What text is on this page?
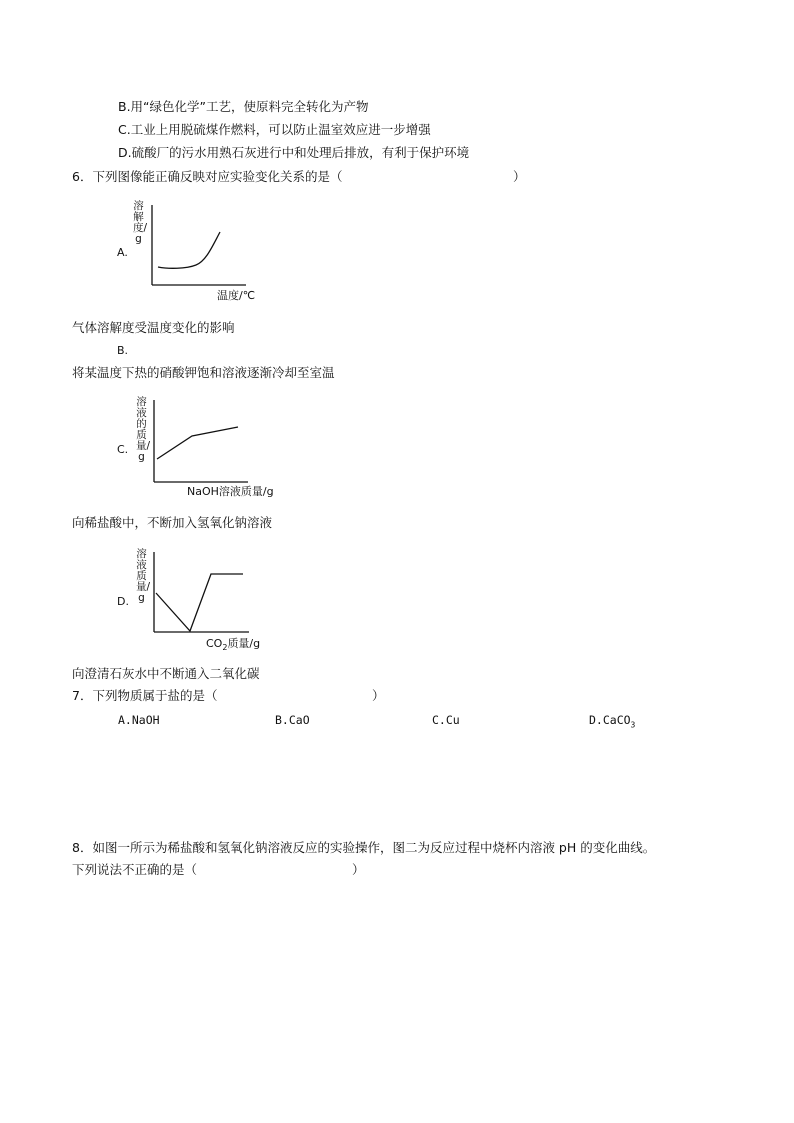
B.用“绿色化学”工艺，使原料完全转化为产物
C.工业上用脱硫煤作燃料，可以防止温室效应进一步增强
D.硫酸厂的污水用熟石灰进行中和处理后排放，有利于保护环境
6．下列图像能正确反映对应实验变化关系的是（	）
A.
溶解度/g
温度/℃
气体溶解度受温度变化的影响
B.
将某温度下热的硝酸钾饱和溶液逐渐冷却至室温
C.
溶液的质量/g
NaOH溶液质量/g
向稀盐酸中，不断加入氢氧化钠溶液
D.
溶液质量/g
$CO_2$质量/g
向澄清石灰水中不断通入二氧化碳
7．下列物质属于盐的是（	）
A.NaOH	B.CaO	C.Cu	D.CaCO$_3$
8．如图一所示为稀盐酸和氢氧化钠溶液反应的实验操作，图二为反应过程中烧杯内溶液 pH 的变化曲线。
下列说法不正确的是（	）
